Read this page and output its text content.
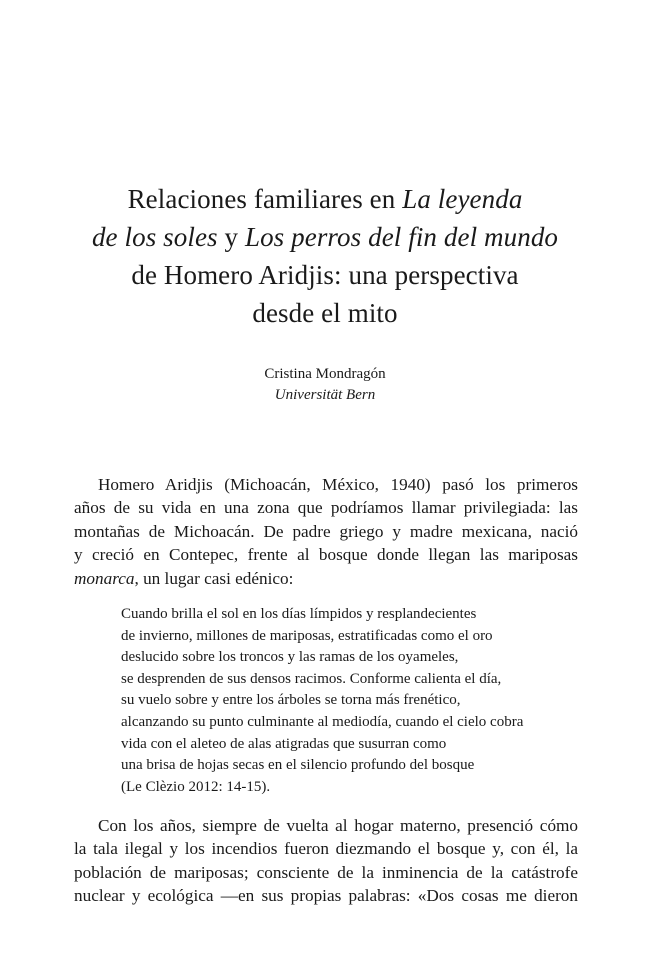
Relaciones familiares en La leyenda
de los soles y Los perros del fin del mundo
de Homero Aridjis: una perspectiva
desde el mito
Cristina Mondragón
Universität Bern

Homero Aridjis (Michoacán, México, 1940) pasó los primeros
años de su vida en una zona que podríamos llamar privilegiada: las
montañas de Michoacán. De padre griego y madre mexicana, nació
y creció en Contepec, frente al bosque donde llegan las mariposas
monarca, un lugar casi edénico:

Cuando brilla el sol en los días límpidos y resplandecientes
de invierno, millones de mariposas, estratificadas como el oro
deslucido sobre los troncos y las ramas de los oyameles,
se desprenden de sus densos racimos. Conforme calienta el día,
su vuelo sobre y entre los árboles se torna más frenético,
alcanzando su punto culminante al mediodía, cuando el cielo cobra
vida con el aleteo de alas atigradas que susurran como
una brisa de hojas secas en el silencio profundo del bosque
(Le Clèzio 2012: 14-15).

Con los años, siempre de vuelta al hogar materno, presenció cómo
la tala ilegal y los incendios fueron diezmando el bosque y, con él, la
población de mariposas; consciente de la inminencia de la catástrofe
nuclear y ecológica —en sus propias palabras: «Dos cosas me dieron
